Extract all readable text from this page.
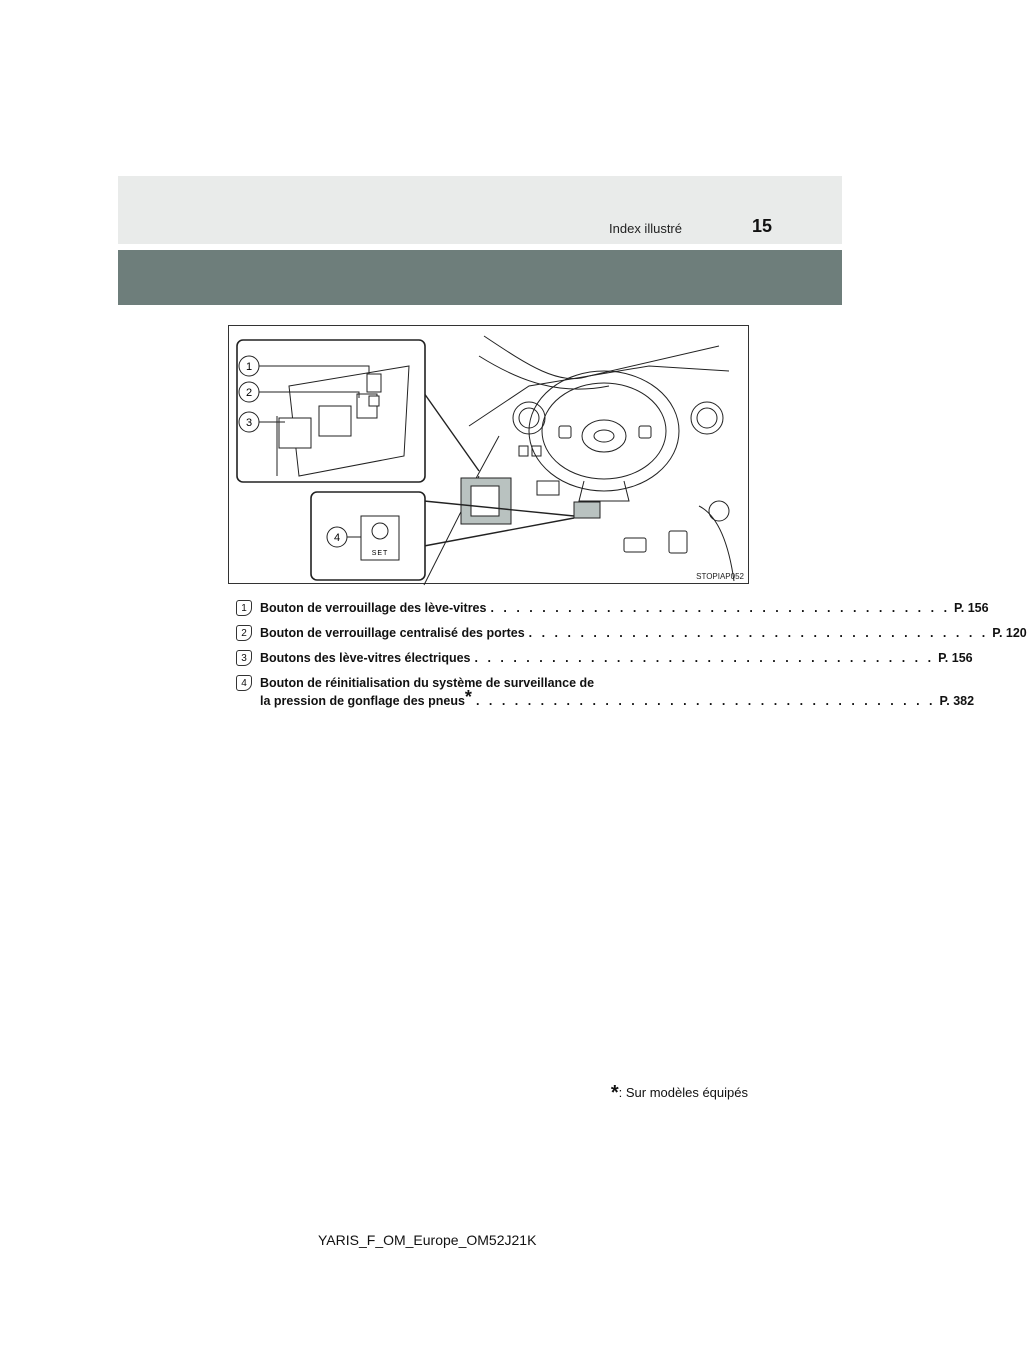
Index illustré	15
1
2
3
SET
4
STOPIAP052
1	Bouton de verrouillage des lève-vitres . . . . . . . . . . . . . . . . . . . . . . . . . . . . . . . . . . . . P. 156
2	Bouton de verrouillage centralisé des portes . . . . . . . . . . . . . . . . . . . . . . . . . . . . . . . . . . . . P. 120
3	Boutons des lève-vitres électriques . . . . . . . . . . . . . . . . . . . . . . . . . . . . . . . . . . . . P. 156
4	Bouton de réinitialisation du système de surveillance de
la pression de gonflage des pneus* . . . . . . . . . . . . . . . . . . . . . . . . . . . . . . . . . . . . P. 382
*: Sur modèles équipés
YARIS_F_OM_Europe_OM52J21K
